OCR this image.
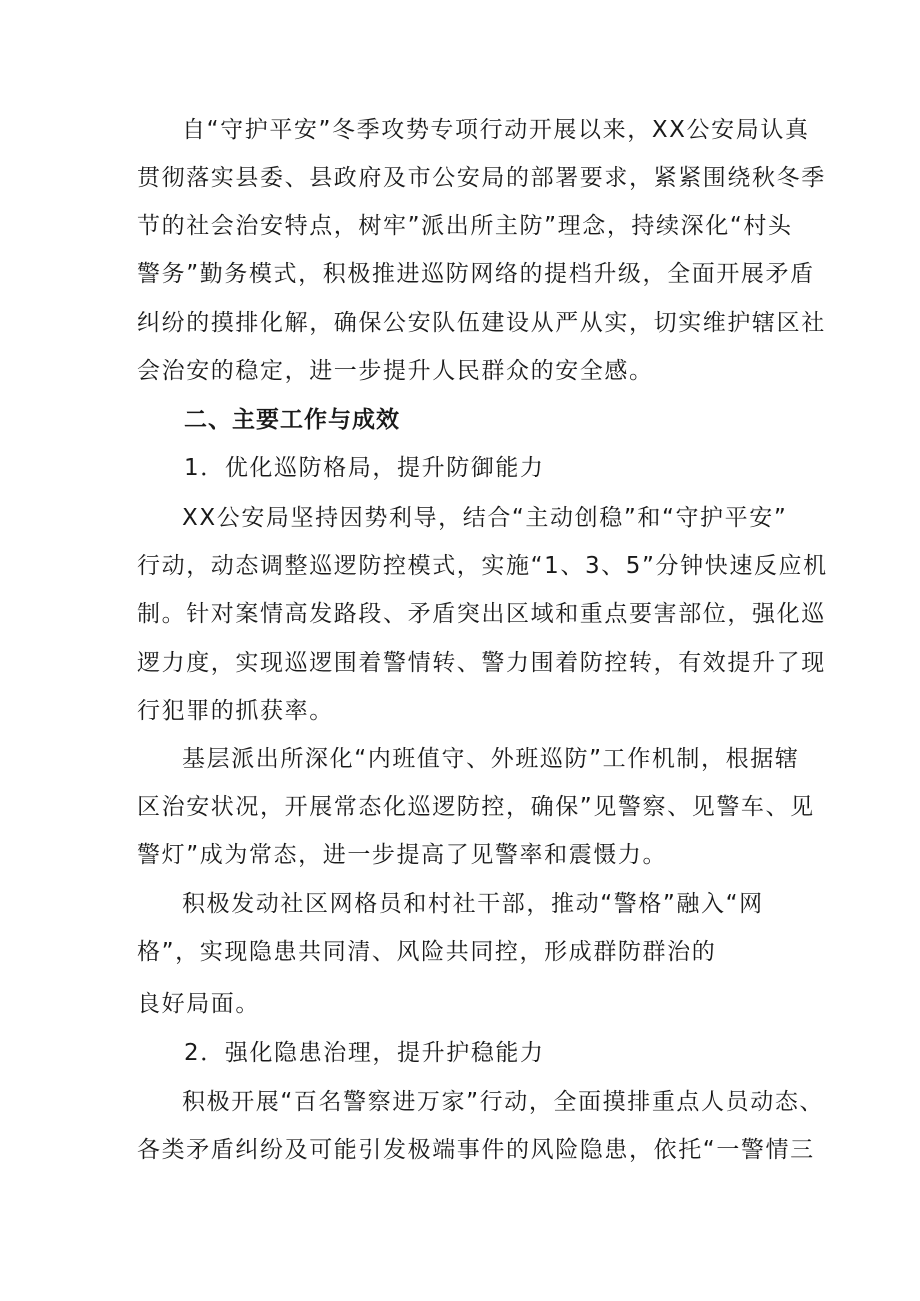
自“守护平安”冬季攻势专项行动开展以来，XX公安局认真
贯彻落实县委、县政府及市公安局的部署要求，紧紧围绕秋冬季
节的社会治安特点，树牢”派出所主防”理念，持续深化“村头
警务”勤务模式，积极推进巡防网络的提档升级，全面开展矛盾
纠纷的摸排化解，确保公安队伍建设从严从实，切实维护辖区社
会治安的稳定，进一步提升人民群众的安全感。
二、主要工作与成效
1．优化巡防格局，提升防御能力
XX公安局坚持因势利导，结合“主动创稳”和“守护平安”
行动，动态调整巡逻防控模式，实施“1、3、5”分钟快速反应机
制。针对案情高发路段、矛盾突出区域和重点要害部位，强化巡
逻力度，实现巡逻围着警情转、警力围着防控转，有效提升了现
行犯罪的抓获率。
基层派出所深化“内班值守、外班巡防”工作机制，根据辖
区治安状况，开展常态化巡逻防控，确保”见警察、见警车、见
警灯”成为常态，进一步提高了见警率和震慑力。
积极发动社区网格员和村社干部，推动“警格”融入“网
格”，实现隐患共同清、风险共同控，形成群防群治的
良好局面。
2．强化隐患治理，提升护稳能力
积极开展“百名警察进万家”行动，全面摸排重点人员动态、
各类矛盾纠纷及可能引发极端事件的风险隐患，依托“一警情三
